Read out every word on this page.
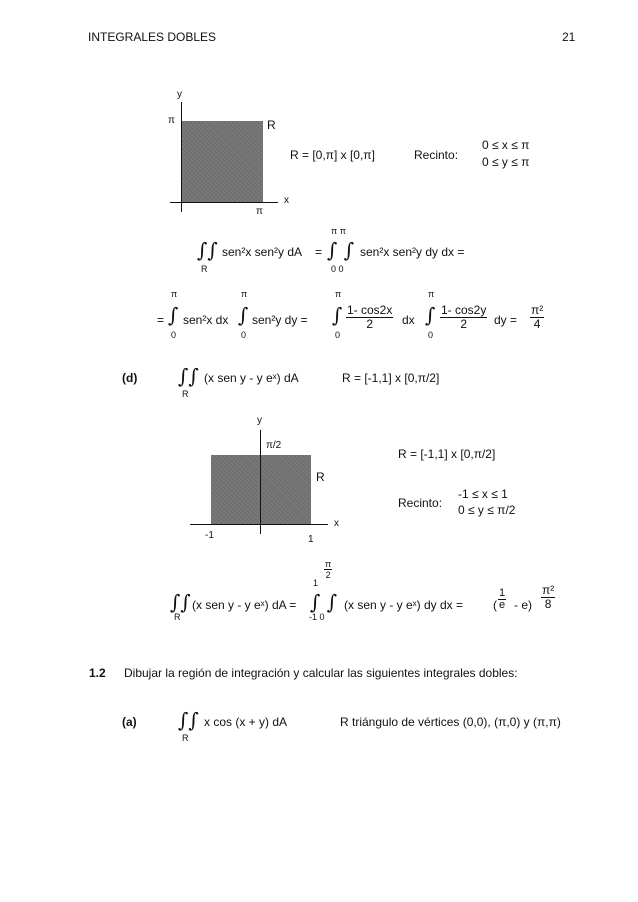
INTEGRALES DOBLES	21
y
x
π
π
R
R = [0,π] x [0,π]	Recinto:
0 ≤ x ≤ π
0 ≤ y ≤ π
∫∫
R
sen²x sen²y dA =
π π
∫ ∫
0 0
sen²x sen²y dy dx =
=
π
∫
0
sen²x dx
π
∫
0
sen²y dy =
π
∫
0
$\frac{1- \cos 2x}{2}$ dx
π
∫
0
$\frac{1- \cos 2y}{2}$ dy = $\frac{\text{π²}}{4}$
(d) ∫∫
R
(x sen y - y eˣ) dA	R = [-1,1] x [0,π/2]
y
x
π/2
R
-1	1
R = [-1,1] x [0,π/2]
Recinto:
-1 ≤ x ≤ 1
0 ≤ y ≤ π/2
∫∫
R
(x sen y - y eˣ) dA =
$\frac{\pi}{2}$
1
∫ ∫
-1 0
(x sen y - y eˣ) dy dx =	( $\frac{1}{e} - e) \frac{\text{π²}}{8}$
1.2 Dibujar la región de integración y calcular las siguientes integrales dobles:
(a) ∫∫
R
x cos (x + y) dA	R triángulo de vértices (0,0), (π,0) y (π,π)
